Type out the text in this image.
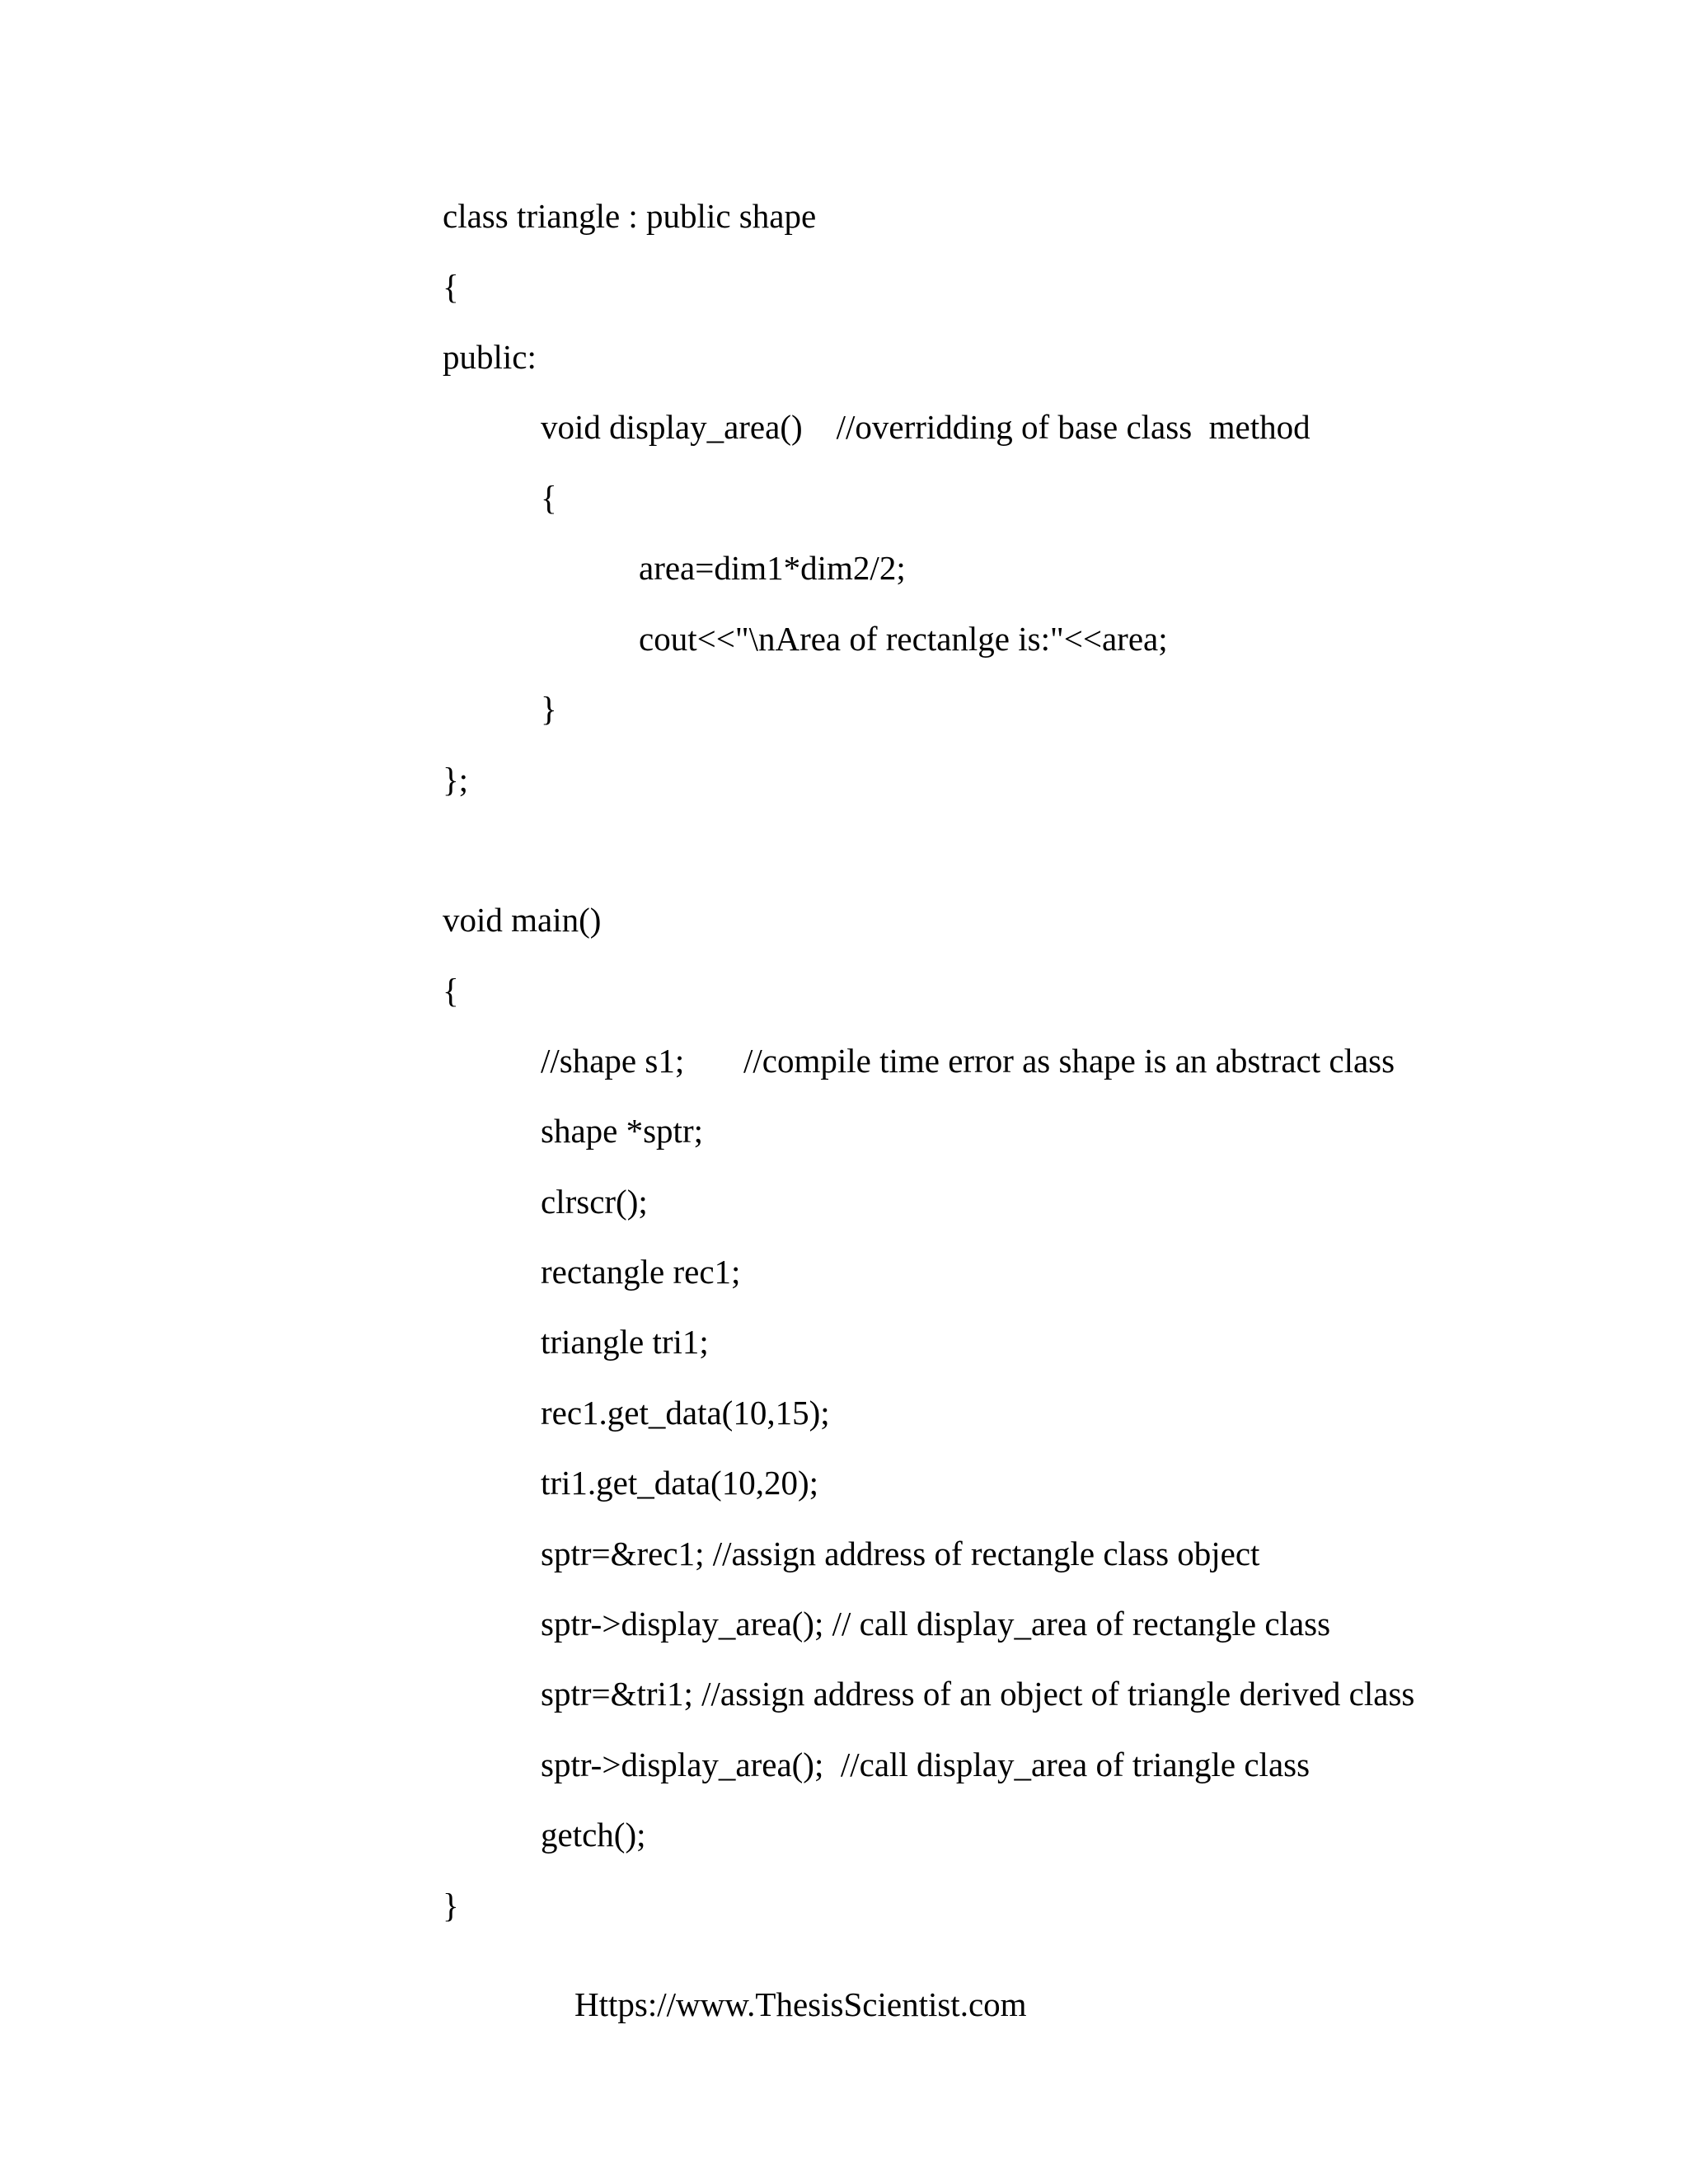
class triangle : public shape

{

public:

void display_area()    //overridding of base class  method

{

area=dim1*dim2/2;

cout<<"\nArea of rectanlge is:"<<area;

}

};

void main()

{

//shape s1;       //compile time error as shape is an abstract class

shape *sptr;

clrscr();

rectangle rec1;

triangle tri1;

rec1.get_data(10,15);

tri1.get_data(10,20);

sptr=&rec1; //assign address of rectangle class object

sptr->display_area(); // call display_area of rectangle class

sptr=&tri1; //assign address of an object of triangle derived class

sptr->display_area();  //call display_area of triangle class

getch();

}

Https://www.ThesisScientist.com
